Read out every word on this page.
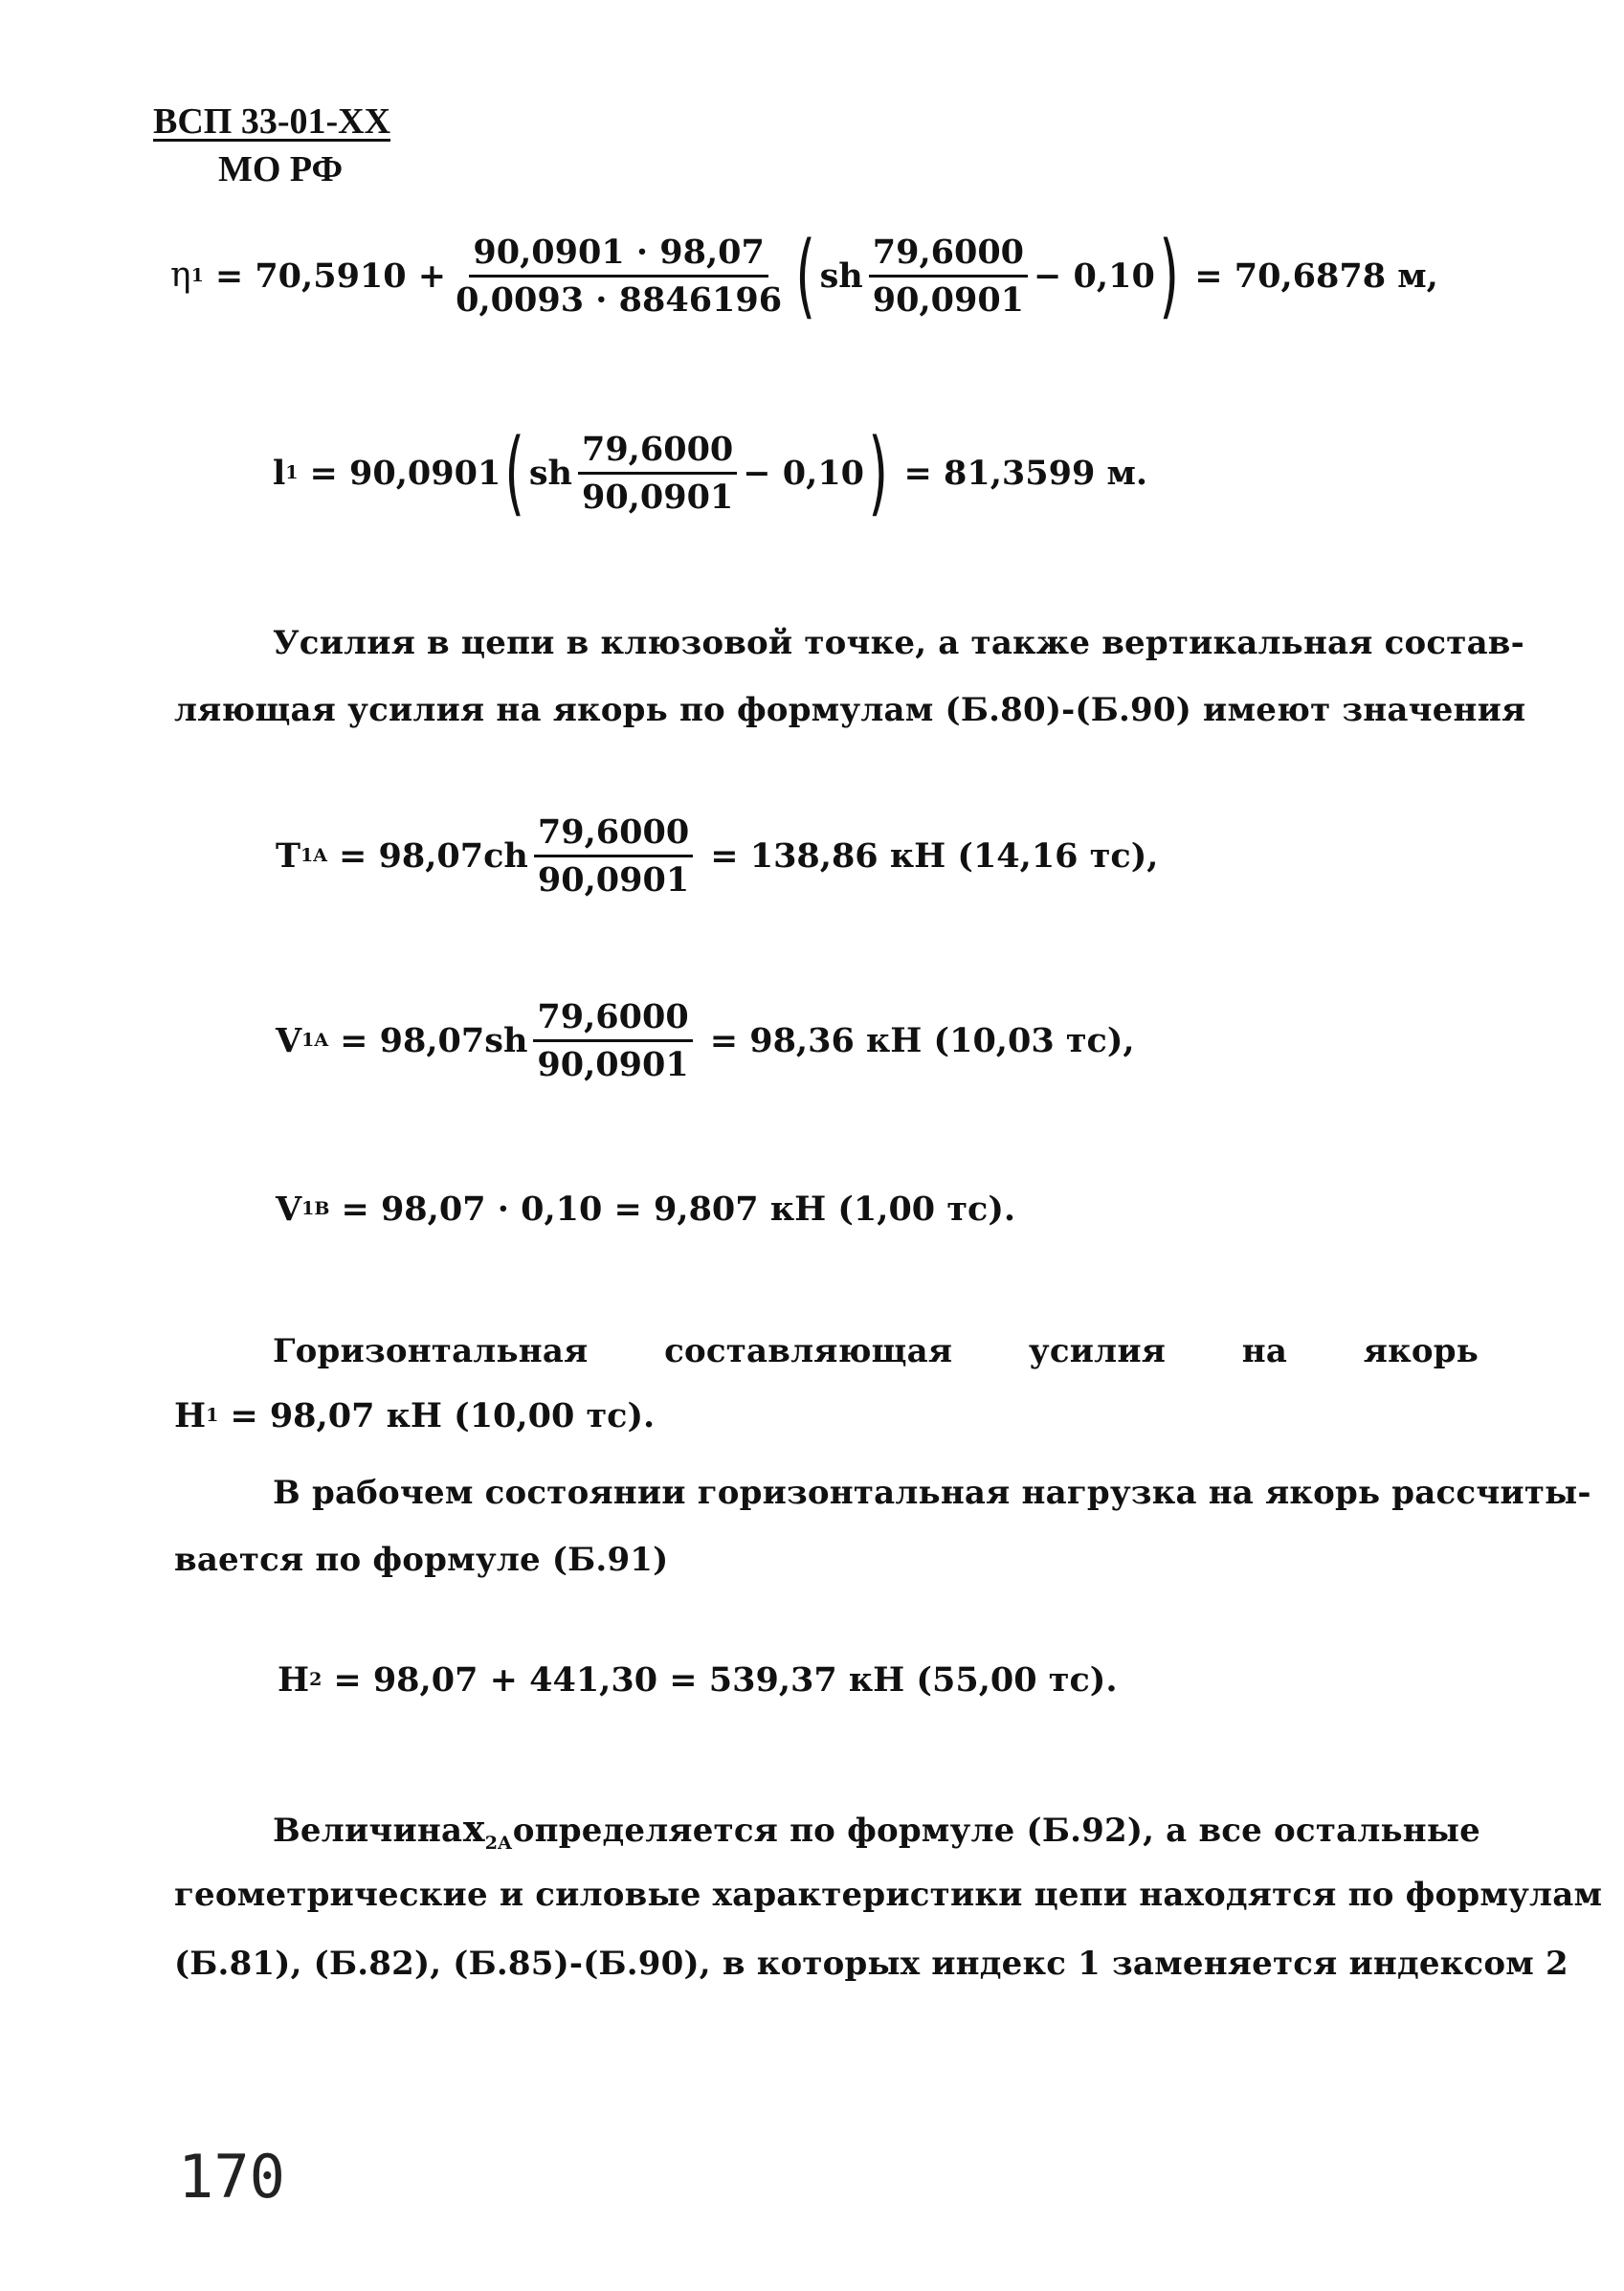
ВСП 33-01-XX
МО РФ
η $1 = 70,5910 + \frac{90,0901 \cdot 98,07}{0,0093 \cdot 8846196}$ ( sh $\frac{79,6000}{90,0901} - 0,10$ ) = 70,6878 м,
l 1 = 90,0901 ( sh $\frac{79,6000}{90,0901} - 0,10$ ) = 81,3599 м.
Усилия в цепи в клюзовой точке, а также вертикальная состав-
ляющая усилия на якорь по формулам (Б.80)-(Б.90) имеют значения
T $1A = 98,07ch \frac{79,6000}{90,0901} = 138,86$ кН (14,16 тс),
V $1A = 98,07sh \frac{79,6000}{90,0901} = 98,36$ кН (10,03 тс),
V 1B = 98,07 · 0,10 = 9,807 кН (1,00 тс).
Горизонтальная составляющая усилия на якорь
H 1 = 98,07 кН (10,00 тс).
В рабочем состоянии горизонтальная нагрузка на якорь рассчиты-
вается по формуле (Б.91)
H 2 = 98,07 + 441,30 = 539,37 кН (55,00 тс).
Величина $x_{2A}$ определяется по формуле (Б.92), а все остальные
геометрические и силовые характеристики цепи находятся по формулам
(Б.81), (Б.82), (Б.85)-(Б.90), в которых индекс 1 заменяется индексом 2
170
